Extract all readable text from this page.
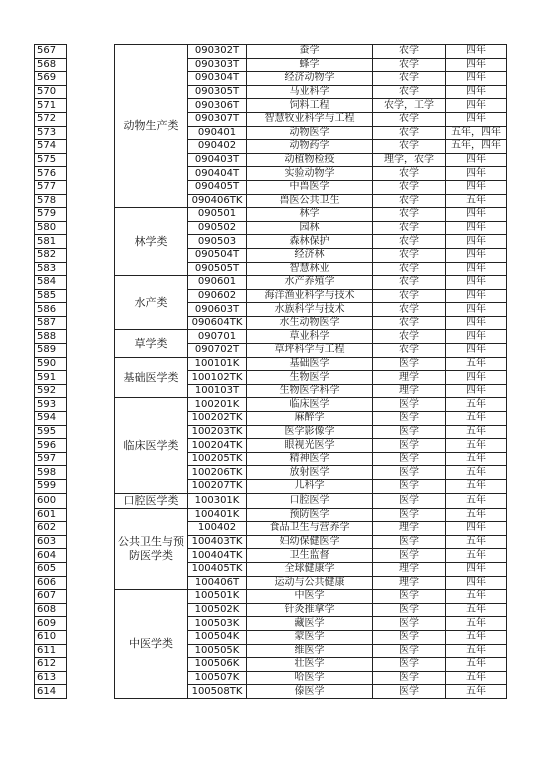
567		动物生产类	090302T	蚕学	农学	四年
568			090303T	蜂学	农学	四年
569			090304T	经济动物学	农学	四年
570			090305T	马业科学	农学	四年
571			090306T	饲料工程	农学，工学	四年
572			090307T	智慧牧业科学与工程	农学	四年
573			090401	动物医学	农学	五年，四年
574			090402	动物药学	农学	五年，四年
575			090403T	动植物检疫	理学，农学	四年
576			090404T	实验动物学	农学	四年
577			090405T	中兽医学	农学	四年
578			090406TK	兽医公共卫生	农学	五年
579		林学类	090501	林学	农学	四年
580			090502	园林	农学	四年
581			090503	森林保护	农学	四年
582			090504T	经济林	农学	四年
583			090505T	智慧林业	农学	四年
584		水产类	090601	水产养殖学	农学	四年
585			090602	海洋渔业科学与技术	农学	四年
586			090603T	水族科学与技术	农学	四年
587			090604TK	水生动物医学	农学	四年
588		草学类	090701	草业科学	农学	四年
589			090702T	草坪科学与工程	农学	四年
590		基础医学类	100101K	基础医学	医学	五年
591			100102TK	生物医学	理学	四年
592			100103T	生物医学科学	理学	四年
593		临床医学类	100201K	临床医学	医学	五年
594			100202TK	麻醉学	医学	五年
595			100203TK	医学影像学	医学	五年
596			100204TK	眼视光医学	医学	五年
597			100205TK	精神医学	医学	五年
598			100206TK	放射医学	医学	五年
599			100207TK	儿科学	医学	五年
600		口腔医学类	100301K	口腔医学	医学	五年
601		公共卫生与预防医学类	100401K	预防医学	医学	五年
602			100402	食品卫生与营养学	理学	四年
603			100403TK	妇幼保健医学	医学	五年
604			100404TK	卫生监督	医学	五年
605			100405TK	全球健康学	理学	四年
606			100406T	运动与公共健康	理学	四年
607		中医学类	100501K	中医学	医学	五年
608			100502K	针灸推拿学	医学	五年
609			100503K	藏医学	医学	五年
610			100504K	蒙医学	医学	五年
611			100505K	维医学	医学	五年
612			100506K	壮医学	医学	五年
613			100507K	哈医学	医学	五年
614			100508TK	傣医学	医学	五年
